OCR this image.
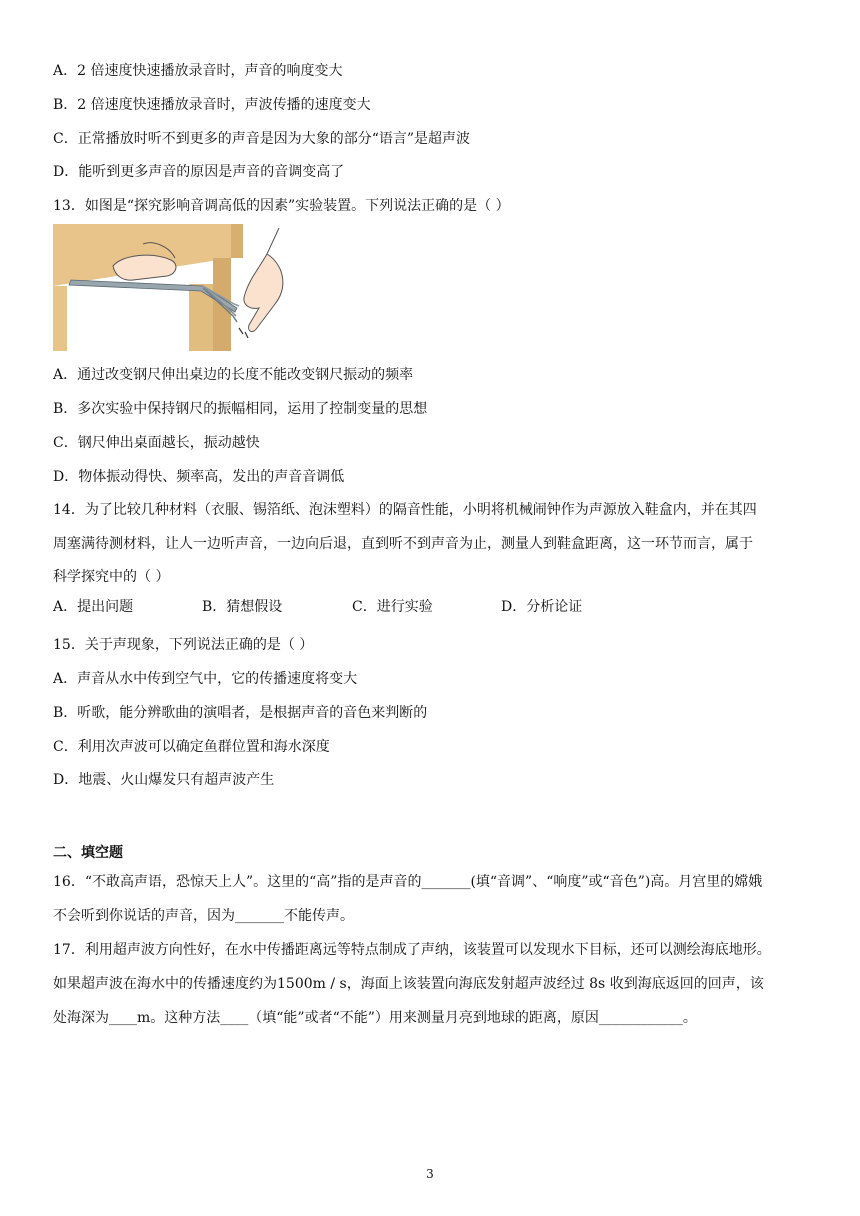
A．2 倍速度快速播放录音时，声音的响度变大
B．2 倍速度快速播放录音时，声波传播的速度变大
C．正常播放时听不到更多的声音是因为大象的部分“语言”是超声波
D．能听到更多声音的原因是声音的音调变高了
13．如图是“探究影响音调高低的因素”实验装置。下列说法正确的是（ ）
A．通过改变钢尺伸出桌边的长度不能改变钢尺振动的频率
B．多次实验中保持钢尺的振幅相同，运用了控制变量的思想
C．钢尺伸出桌面越长，振动越快
D．物体振动得快、频率高，发出的声音音调低
14．为了比较几种材料（衣服、锡箔纸、泡沫塑料）的隔音性能，小明将机械闹钟作为声源放入鞋盒内，并在其四
周塞满待测材料，让人一边听声音，一边向后退，直到听不到声音为止，测量人到鞋盒距离，这一环节而言，属于
科学探究中的（ ）
A．提出问题	B．猜想假设	C．进行实验	D．分析论证
15．关于声现象，下列说法正确的是（ ）
A．声音从水中传到空气中，它的传播速度将变大
B．听歌，能分辨歌曲的演唱者，是根据声音的音色来判断的
C．利用次声波可以确定鱼群位置和海水深度
D．地震、火山爆发只有超声波产生
二、填空题
16．“不敢高声语，恐惊天上人”。这里的“高”指的是声音的_______(填“音调”、“响度”或“音色”)高。月宫里的嫦娥
不会听到你说话的声音，因为_______不能传声。
17．利用超声波方向性好，在水中传播距离远等特点制成了声纳，该装置可以发现水下目标，还可以测绘海底地形。
如果超声波在海水中的传播速度约为1500m / s，海面上该装置向海底发射超声波经过 8s 收到海底返回的回声，该
处海深为____m。这种方法____（填“能”或者“不能”）用来测量月亮到地球的距离，原因____________。
3
